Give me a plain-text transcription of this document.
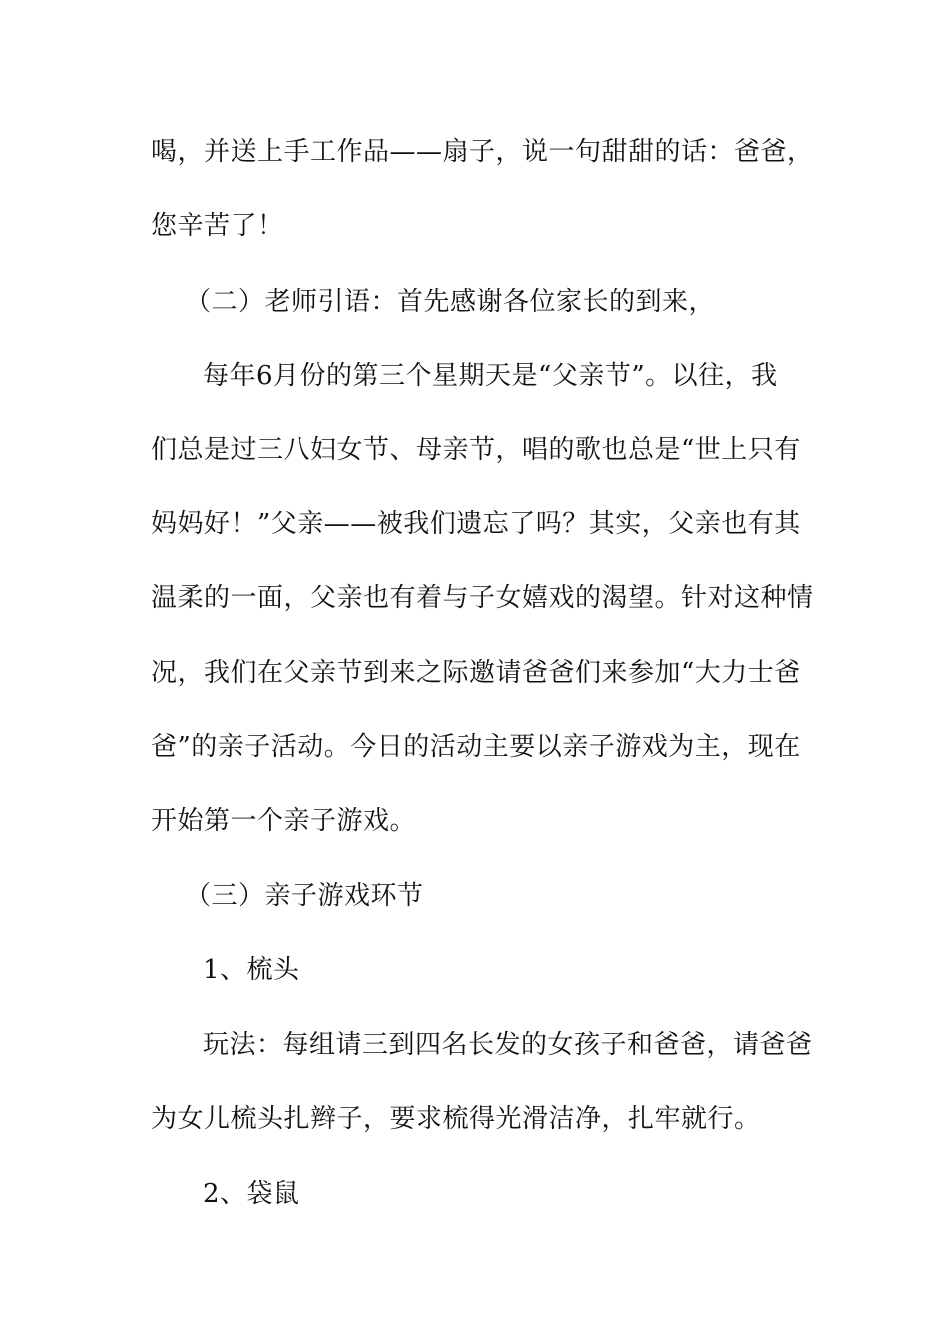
喝，并送上手工作品——扇子，说一句甜甜的话：爸爸，
您辛苦了！
（二）老师引语：首先感谢各位家长的到来，
每年6月份的第三个星期天是“父亲节”。以往，我
们总是过三八妇女节、母亲节，唱的歌也总是“世上只有
妈妈好！”父亲——被我们遗忘了吗？其实，父亲也有其
温柔的一面，父亲也有着与子女嬉戏的渴望。针对这种情
况，我们在父亲节到来之际邀请爸爸们来参加“大力士爸
爸”的亲子活动。今日的活动主要以亲子游戏为主，现在
开始第一个亲子游戏。
（三）亲子游戏环节
1、梳头
玩法：每组请三到四名长发的女孩子和爸爸，请爸爸
为女儿梳头扎辫子，要求梳得光滑洁净，扎牢就行。
2、袋鼠
